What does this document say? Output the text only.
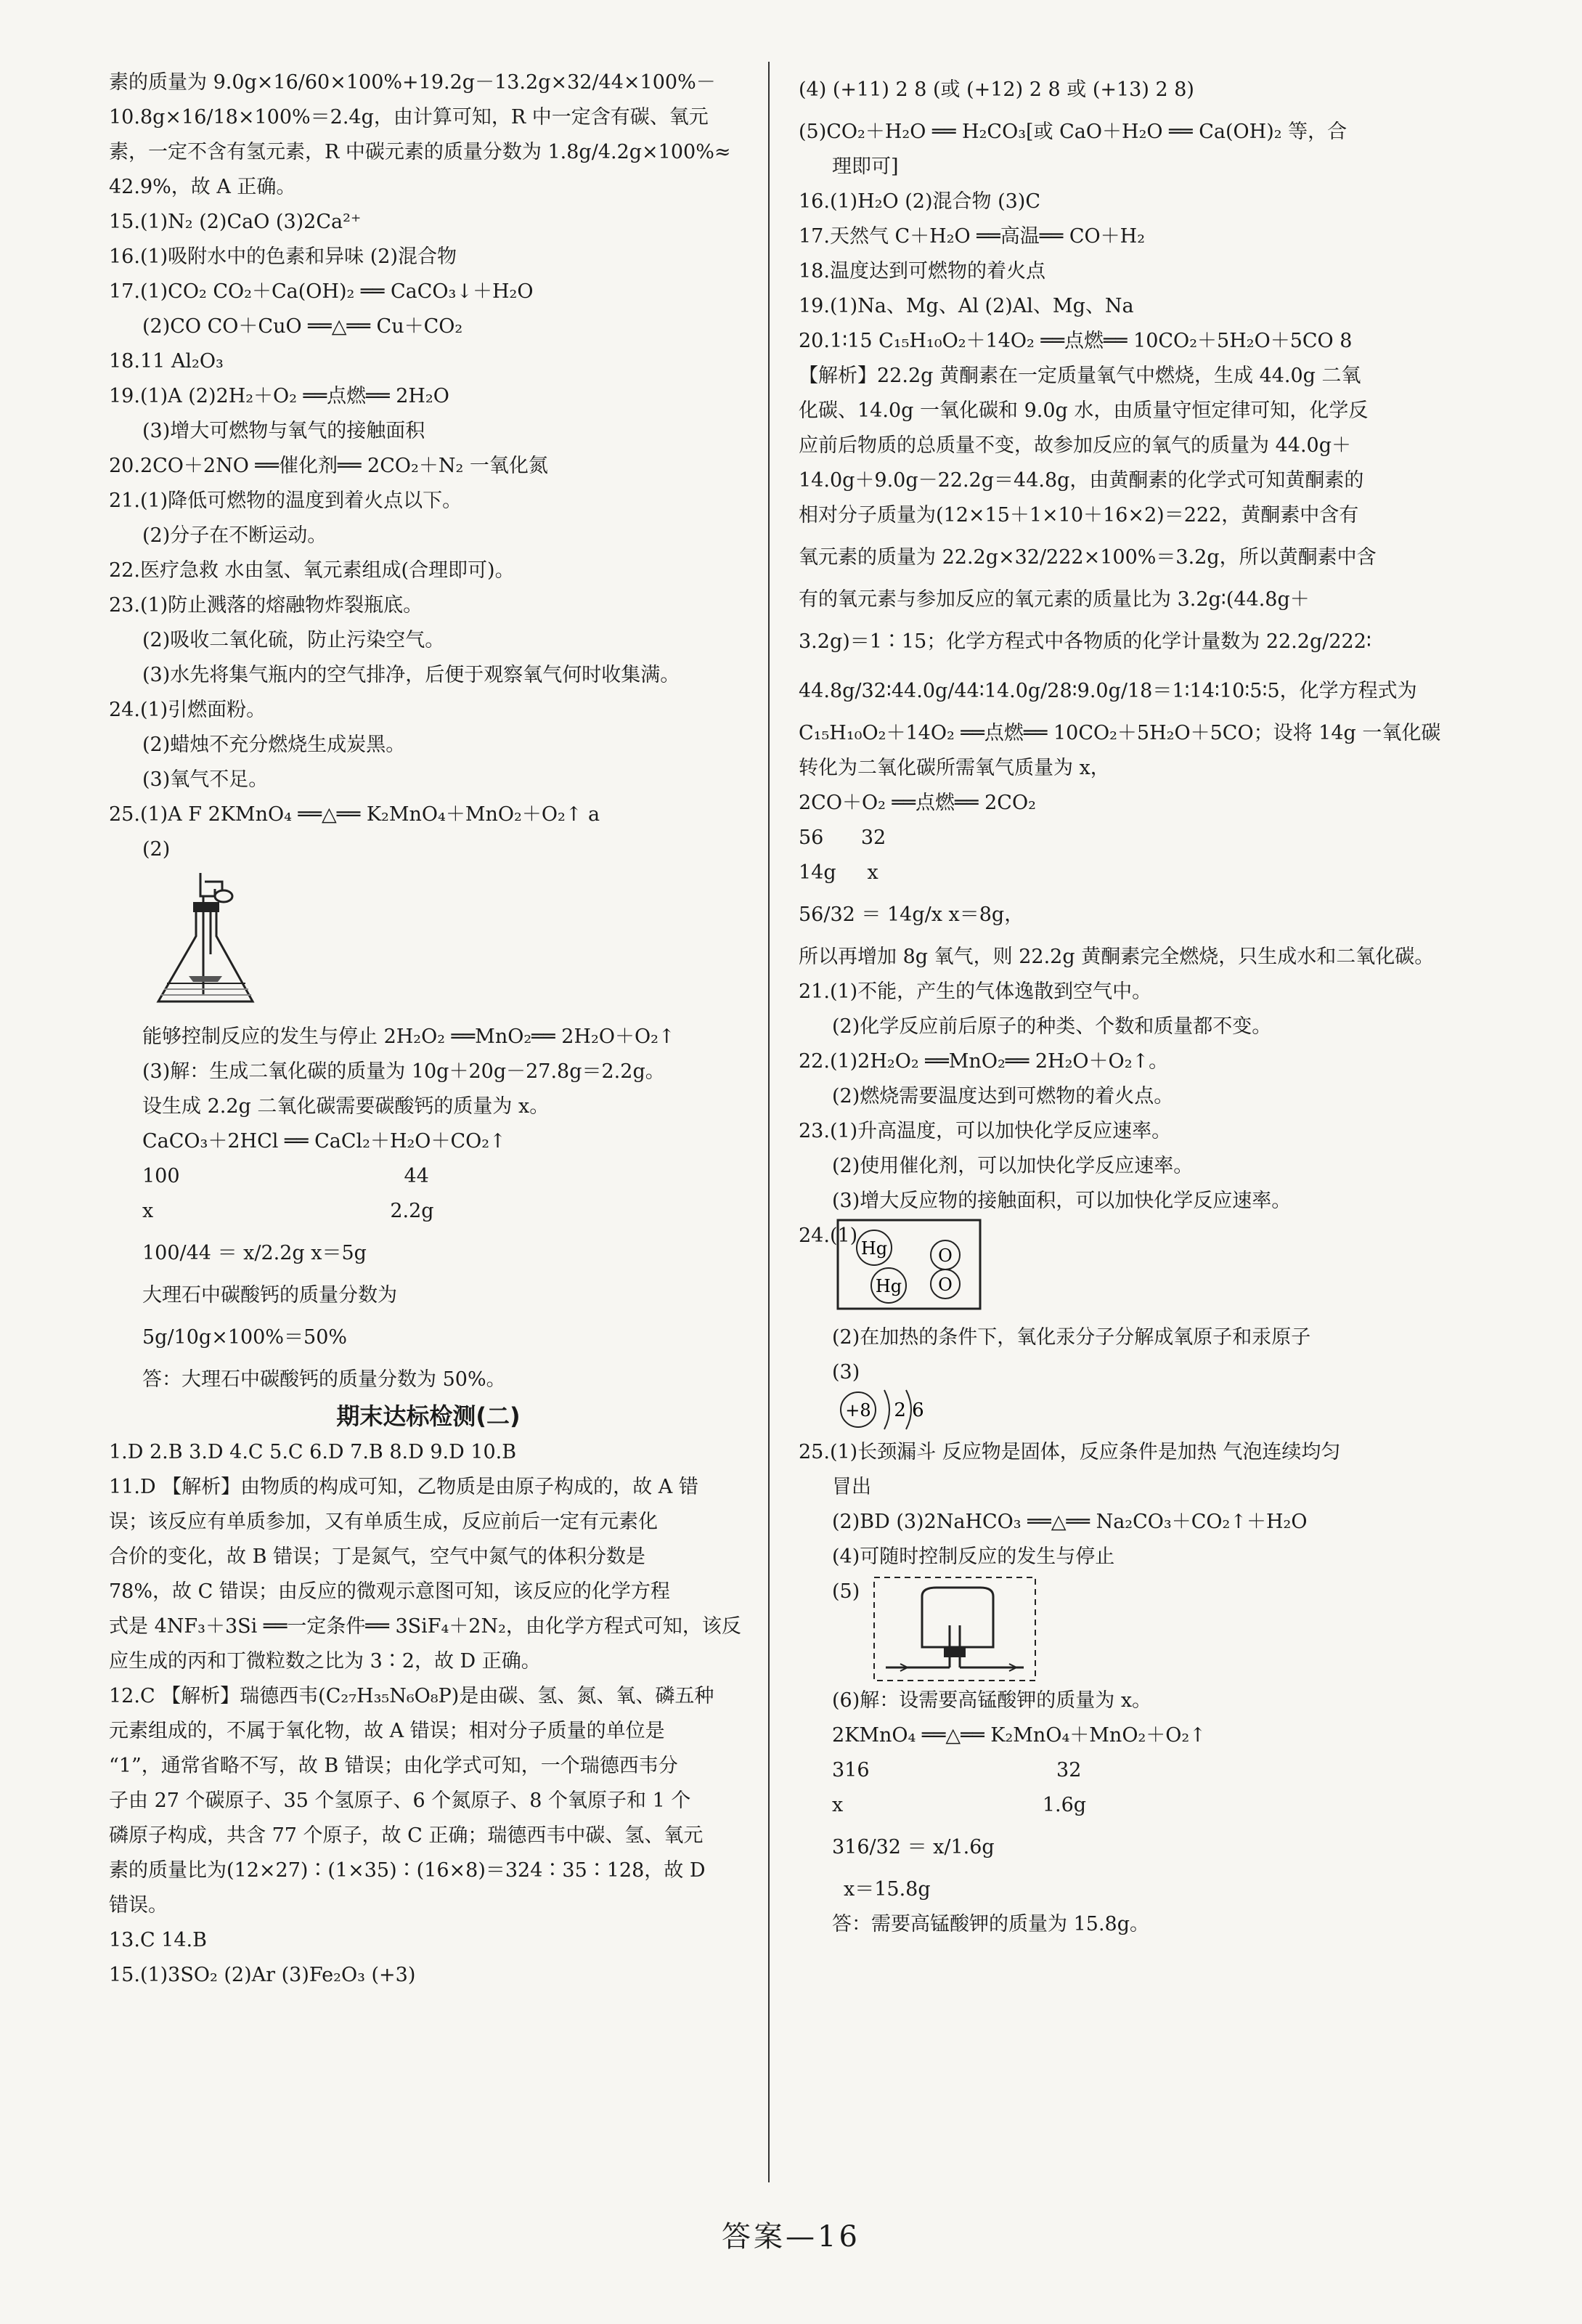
素的质量为 9.0g×16/60×100%+19.2g－13.2g×32/44×100%－
10.8g×16/18×100%＝2.4g，由计算可知，R 中一定含有碳、氧元
素，一定不含有氢元素，R 中碳元素的质量分数为 1.8g/4.2g×100%≈
42.9%，故 A 正确。
15.(1)N₂ (2)CaO (3)2Ca²⁺
16.(1)吸附水中的色素和异味 (2)混合物
17.(1)CO₂ CO₂＋Ca(OH)₂ ══ CaCO₃↓＋H₂O
(2)CO CO＋CuO ══△══ Cu＋CO₂
18.11 Al₂O₃
19.(1)A (2)2H₂＋O₂ ══点燃══ 2H₂O
(3)增大可燃物与氧气的接触面积
20.2CO＋2NO ══催化剂══ 2CO₂＋N₂ 一氧化氮
21.(1)降低可燃物的温度到着火点以下。
(2)分子在不断运动。
22.医疗急救 水由氢、氧元素组成(合理即可)。
23.(1)防止溅落的熔融物炸裂瓶底。
(2)吸收二氧化硫，防止污染空气。
(3)水先将集气瓶内的空气排净，后便于观察氧气何时收集满。
24.(1)引燃面粉。
(2)蜡烛不充分燃烧生成炭黑。
(3)氧气不足。
25.(1)A F 2KMnO₄ ══△══ K₂MnO₄＋MnO₂＋O₂↑ a
(2)
能够控制反应的发生与停止 2H₂O₂ ══MnO₂══ 2H₂O＋O₂↑
(3)解：生成二氧化碳的质量为 10g＋20g－27.8g＝2.2g。
设生成 2.2g 二氧化碳需要碳酸钙的质量为 x。
CaCO₃＋2HCl ══ CaCl₂＋H₂O＋CO₂↑
100                                    44
x                                      2.2g
100/44 ＝ x/2.2g x＝5g
大理石中碳酸钙的质量分数为
5g/10g×100%＝50%
答：大理石中碳酸钙的质量分数为 50%。
期末达标检测(二)
1.D 2.B 3.D 4.C 5.C 6.D 7.B 8.D 9.D 10.B
11.D 【解析】由物质的构成可知，乙物质是由原子构成的，故 A 错
误；该反应有单质参加，又有单质生成，反应前后一定有元素化
合价的变化，故 B 错误；丁是氮气，空气中氮气的体积分数是
78%，故 C 错误；由反应的微观示意图可知，该反应的化学方程
式是 4NF₃＋3Si ══一定条件══ 3SiF₄＋2N₂，由化学方程式可知，该反
应生成的丙和丁微粒数之比为 3∶2，故 D 正确。
12.C 【解析】瑞德西韦(C₂₇H₃₅N₆O₈P)是由碳、氢、氮、氧、磷五种
元素组成的，不属于氧化物，故 A 错误；相对分子质量的单位是
“1”，通常省略不写，故 B 错误；由化学式可知，一个瑞德西韦分
子由 27 个碳原子、35 个氢原子、6 个氮原子、8 个氧原子和 1 个
磷原子构成，共含 77 个原子，故 C 正确；瑞德西韦中碳、氢、氧元
素的质量比为(12×27)∶(1×35)∶(16×8)＝324∶35∶128，故 D
错误。
13.C 14.B
15.(1)3SO₂ (2)Ar (3)Fe₂O₃ (+3)
(4) (+11) 2 8 (或 (+12) 2 8 或 (+13) 2 8)
(5)CO₂＋H₂O ══ H₂CO₃[或 CaO＋H₂O ══ Ca(OH)₂ 等，合
理即可]
16.(1)H₂O (2)混合物 (3)C
17.天然气 C＋H₂O ══高温══ CO＋H₂
18.温度达到可燃物的着火点
19.(1)Na、Mg、Al (2)Al、Mg、Na
20.1∶15 C₁₅H₁₀O₂＋14O₂ ══点燃══ 10CO₂＋5H₂O＋5CO 8
【解析】22.2g 黄酮素在一定质量氧气中燃烧，生成 44.0g 二氧
化碳、14.0g 一氧化碳和 9.0g 水，由质量守恒定律可知，化学反
应前后物质的总质量不变，故参加反应的氧气的质量为 44.0g＋
14.0g＋9.0g－22.2g＝44.8g，由黄酮素的化学式可知黄酮素的
相对分子质量为(12×15＋1×10＋16×2)＝222，黄酮素中含有
氧元素的质量为 22.2g×32/222×100%＝3.2g，所以黄酮素中含
有的氧元素与参加反应的氧元素的质量比为 3.2g∶(44.8g＋
3.2g)＝1∶15；化学方程式中各物质的化学计量数为 22.2g/222∶
44.8g/32∶44.0g/44∶14.0g/28∶9.0g/18＝1∶14∶10∶5∶5，化学方程式为
C₁₅H₁₀O₂＋14O₂ ══点燃══ 10CO₂＋5H₂O＋5CO；设将 14g 一氧化碳
转化为二氧化碳所需氧气质量为 x，
2CO＋O₂ ══点燃══ 2CO₂
56      32
14g     x
56/32 ＝ 14g/x x＝8g，
所以再增加 8g 氧气，则 22.2g 黄酮素完全燃烧，只生成水和二氧化碳。
21.(1)不能，产生的气体逸散到空气中。
(2)化学反应前后原子的种类、个数和质量都不变。
22.(1)2H₂O₂ ══MnO₂══ 2H₂O＋O₂↑。
(2)燃烧需要温度达到可燃物的着火点。
23.(1)升高温度，可以加快化学反应速率。
(2)使用催化剂，可以加快化学反应速率。
(3)增大反应物的接触面积，可以加快化学反应速率。
24.(1)
Hg
Hg
O
O
(2)在加热的条件下，氧化汞分子分解成氧原子和汞原子
(3)
+8 2 6
25.(1)长颈漏斗 反应物是固体，反应条件是加热 气泡连续均匀
冒出
(2)BD (3)2NaHCO₃ ══△══ Na₂CO₃＋CO₂↑＋H₂O
(4)可随时控制反应的发生与停止
(5)
(6)解：设需要高锰酸钾的质量为 x。
2KMnO₄ ══△══ K₂MnO₄＋MnO₂＋O₂↑
316                              32
x                                1.6g
316/32 ＝ x/1.6g
x＝15.8g
答：需要高锰酸钾的质量为 15.8g。
答案—16
